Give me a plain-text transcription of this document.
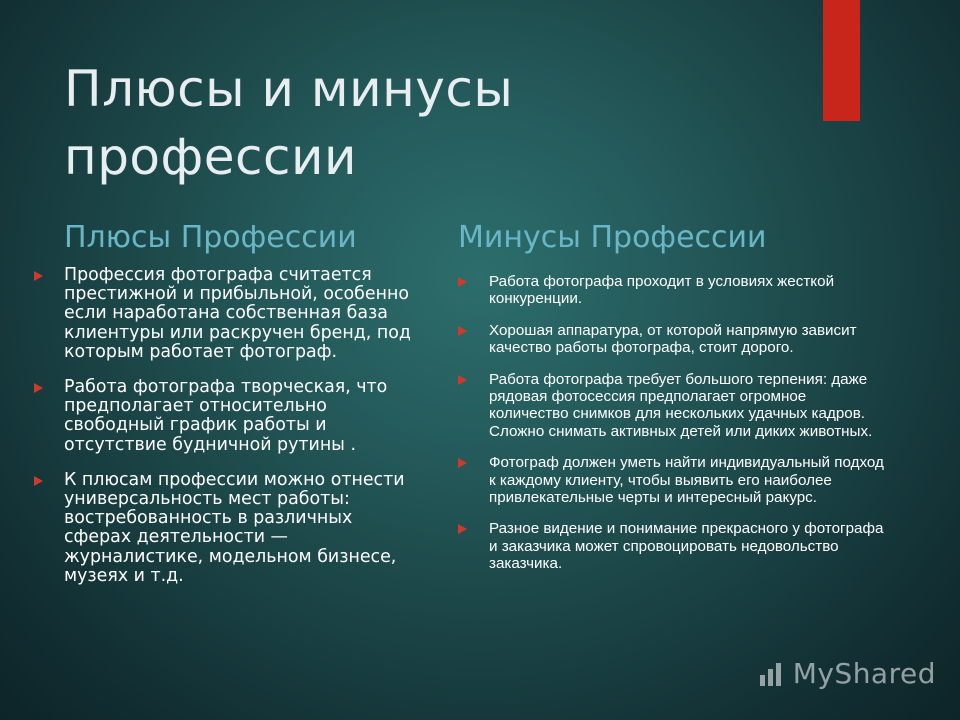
Плюсы и минусы профессии
Плюсы Профессии	Минусы Профессии
Профессия фотографа считается престижной и прибыльной, особенно если наработана собственная база клиентуры или раскручен бренд, под которым работает фотограф.
Работа фотографа творческая, что предполагает относительно свободный график работы и отсутствие будничной рутины .
К плюсам профессии можно отнести универсальность мест работы: востребованность в различных сферах деятельности — журналистике, модельном бизнесе, музеях и т.д.
Работа фотографа проходит в условиях жесткой конкуренции.
Хорошая аппаратура, от которой напрямую зависит качество работы фотографа, стоит дорого.
Работа фотографа требует большого терпения: даже рядовая фотосессия предполагает огромное количество снимков для нескольких удачных кадров. Сложно снимать активных детей или диких животных.
Фотограф должен уметь найти индивидуальный подход к каждому клиенту, чтобы выявить его наиболее привлекательные черты и интересный ракурс.
Разное видение и понимание прекрасного у фотографа и заказчика может спровоцировать недовольство заказчика.
MyShared
